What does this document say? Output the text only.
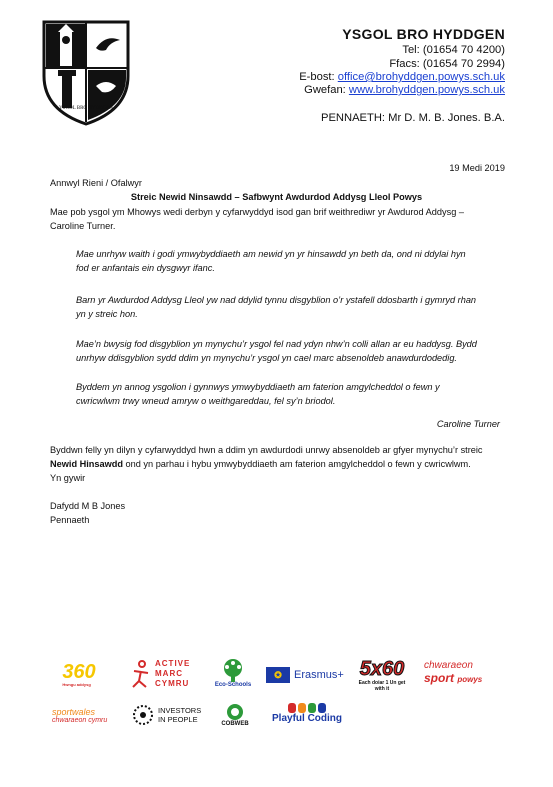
YSGOL BRO HYDDGEN
YSGOL BRO HYDDGEN
Tel: (01654 70 4200)
Ffacs: (01654 70 2994)
E-bost: office@brohyddgen.powys.sch.uk
Gwefan: www.brohyddgen.powys.sch.uk
PENNAETH: Mr D. M. B. Jones. B.A.
19 Medi 2019
Annwyl Rieni / Ofalwyr
Streic Newid Ninsawdd – Safbwynt Awdurdod Addysg Lleol Powys
Mae pob ysgol ym Mhowys wedi derbyn y cyfarwyddyd isod gan brif weithrediwr yr Awdurod Addysg –
Caroline Turner.
Mae unrhyw waith i godi ymwybyddiaeth am newid yn yr hinsawdd yn beth da, ond ni ddylai hyn
fod er anfantais ein dysgwyr ifanc.
Barn yr Awdurdod Addysg Lleol yw nad ddylid tynnu disgyblion o’r ystafell ddosbarth i gymryd rhan
yn y streic hon.
Mae’n bwysig fod disgyblion yn mynychu’r ysgol fel nad ydyn nhw’n colli allan ar eu haddysg. Bydd
unrhyw ddisgyblion sydd ddim yn mynychu’r ysgol yn cael marc absenoldeb anawdurdodedig.
Byddem yn annog ysgolion i gynnwys ymwybyddiaeth am faterion amgylcheddol o fewn y
cwricwlwm trwy wneud amryw o weithgareddau, fel sy’n briodol.
Caroline Turner
Byddwn felly yn dilyn y cyfarwyddyd hwn a ddim yn awdurdodi unrwy absenoldeb ar gfyer mynychu’r streic
Newid Hinsawdd ond yn parhau i hybu ymwybyddiaeth am faterion amgylcheddol o fewn y cwricwlwm.
Yn gywir
Dafydd M B Jones
Pennaeth
360
Hwngu addysg
ACTIVE
MARC
CYMRU	Eco-Schools
✪	Erasmus+ 5x60
Each doiar 1 Un get with it
chwaraeon
sport powys
sportwales
chwaraeon cymru
INVESTORS
IN PEOPLE	COBWEB
Playful Coding
